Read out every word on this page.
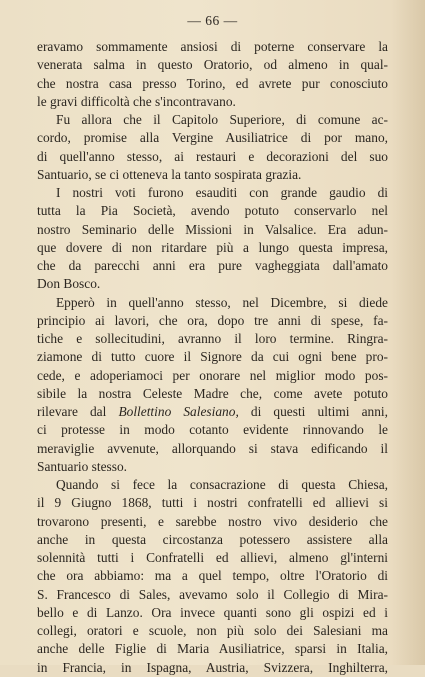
— 66 —
eravamo sommamente ansiosi di poterne conservare la
venerata salma in questo Oratorio, od almeno in qual-
che nostra casa presso Torino, ed avrete pur conosciuto
le gravi difficoltà che s'incontravano.
Fu allora che il Capitolo Superiore, di comune ac-
cordo, promise alla Vergine Ausiliatrice di por mano,
di quell'anno stesso, ai restauri e decorazioni del suo
Santuario, se ci otteneva la tanto sospirata grazia.
I nostri voti furono esauditi con grande gaudio di
tutta la Pia Società, avendo potuto conservarlo nel
nostro Seminario delle Missioni in Valsalice. Era adun-
que dovere di non ritardare più a lungo questa impresa,
che da parecchi anni era pure vagheggiata dall'amato
Don Bosco.
Epperò in quell'anno stesso, nel Dicembre, si diede
principio ai lavori, che ora, dopo tre anni di spese, fa-
tiche e sollecitudini, avranno il loro termine. Ringra-
ziamone di tutto cuore il Signore da cui ogni bene pro-
cede, e adoperiamoci per onorare nel miglior modo pos-
sibile la nostra Celeste Madre che, come avete potuto
rilevare dal Bollettino Salesiano, di questi ultimi anni,
ci protesse in modo cotanto evidente rinnovando le
meraviglie avvenute, allorquando si stava edificando il
Santuario stesso.
Quando si fece la consacrazione di questa Chiesa,
il 9 Giugno 1868, tutti i nostri confratelli ed allievi si
trovarono presenti, e sarebbe nostro vivo desiderio che
anche in questa circostanza potessero assistere alla
solennità tutti i Confratelli ed allievi, almeno gl'interni
che ora abbiamo: ma a quel tempo, oltre l'Oratorio di
S. Francesco di Sales, avevamo solo il Collegio di Mira-
bello e di Lanzo. Ora invece quanti sono gli ospizi ed i
collegi, oratori e scuole, non più solo dei Salesiani ma
anche delle Figlie di Maria Ausiliatrice, sparsi in Italia,
in Francia, in Ispagna, Austria, Svizzera, Inghilterra,
